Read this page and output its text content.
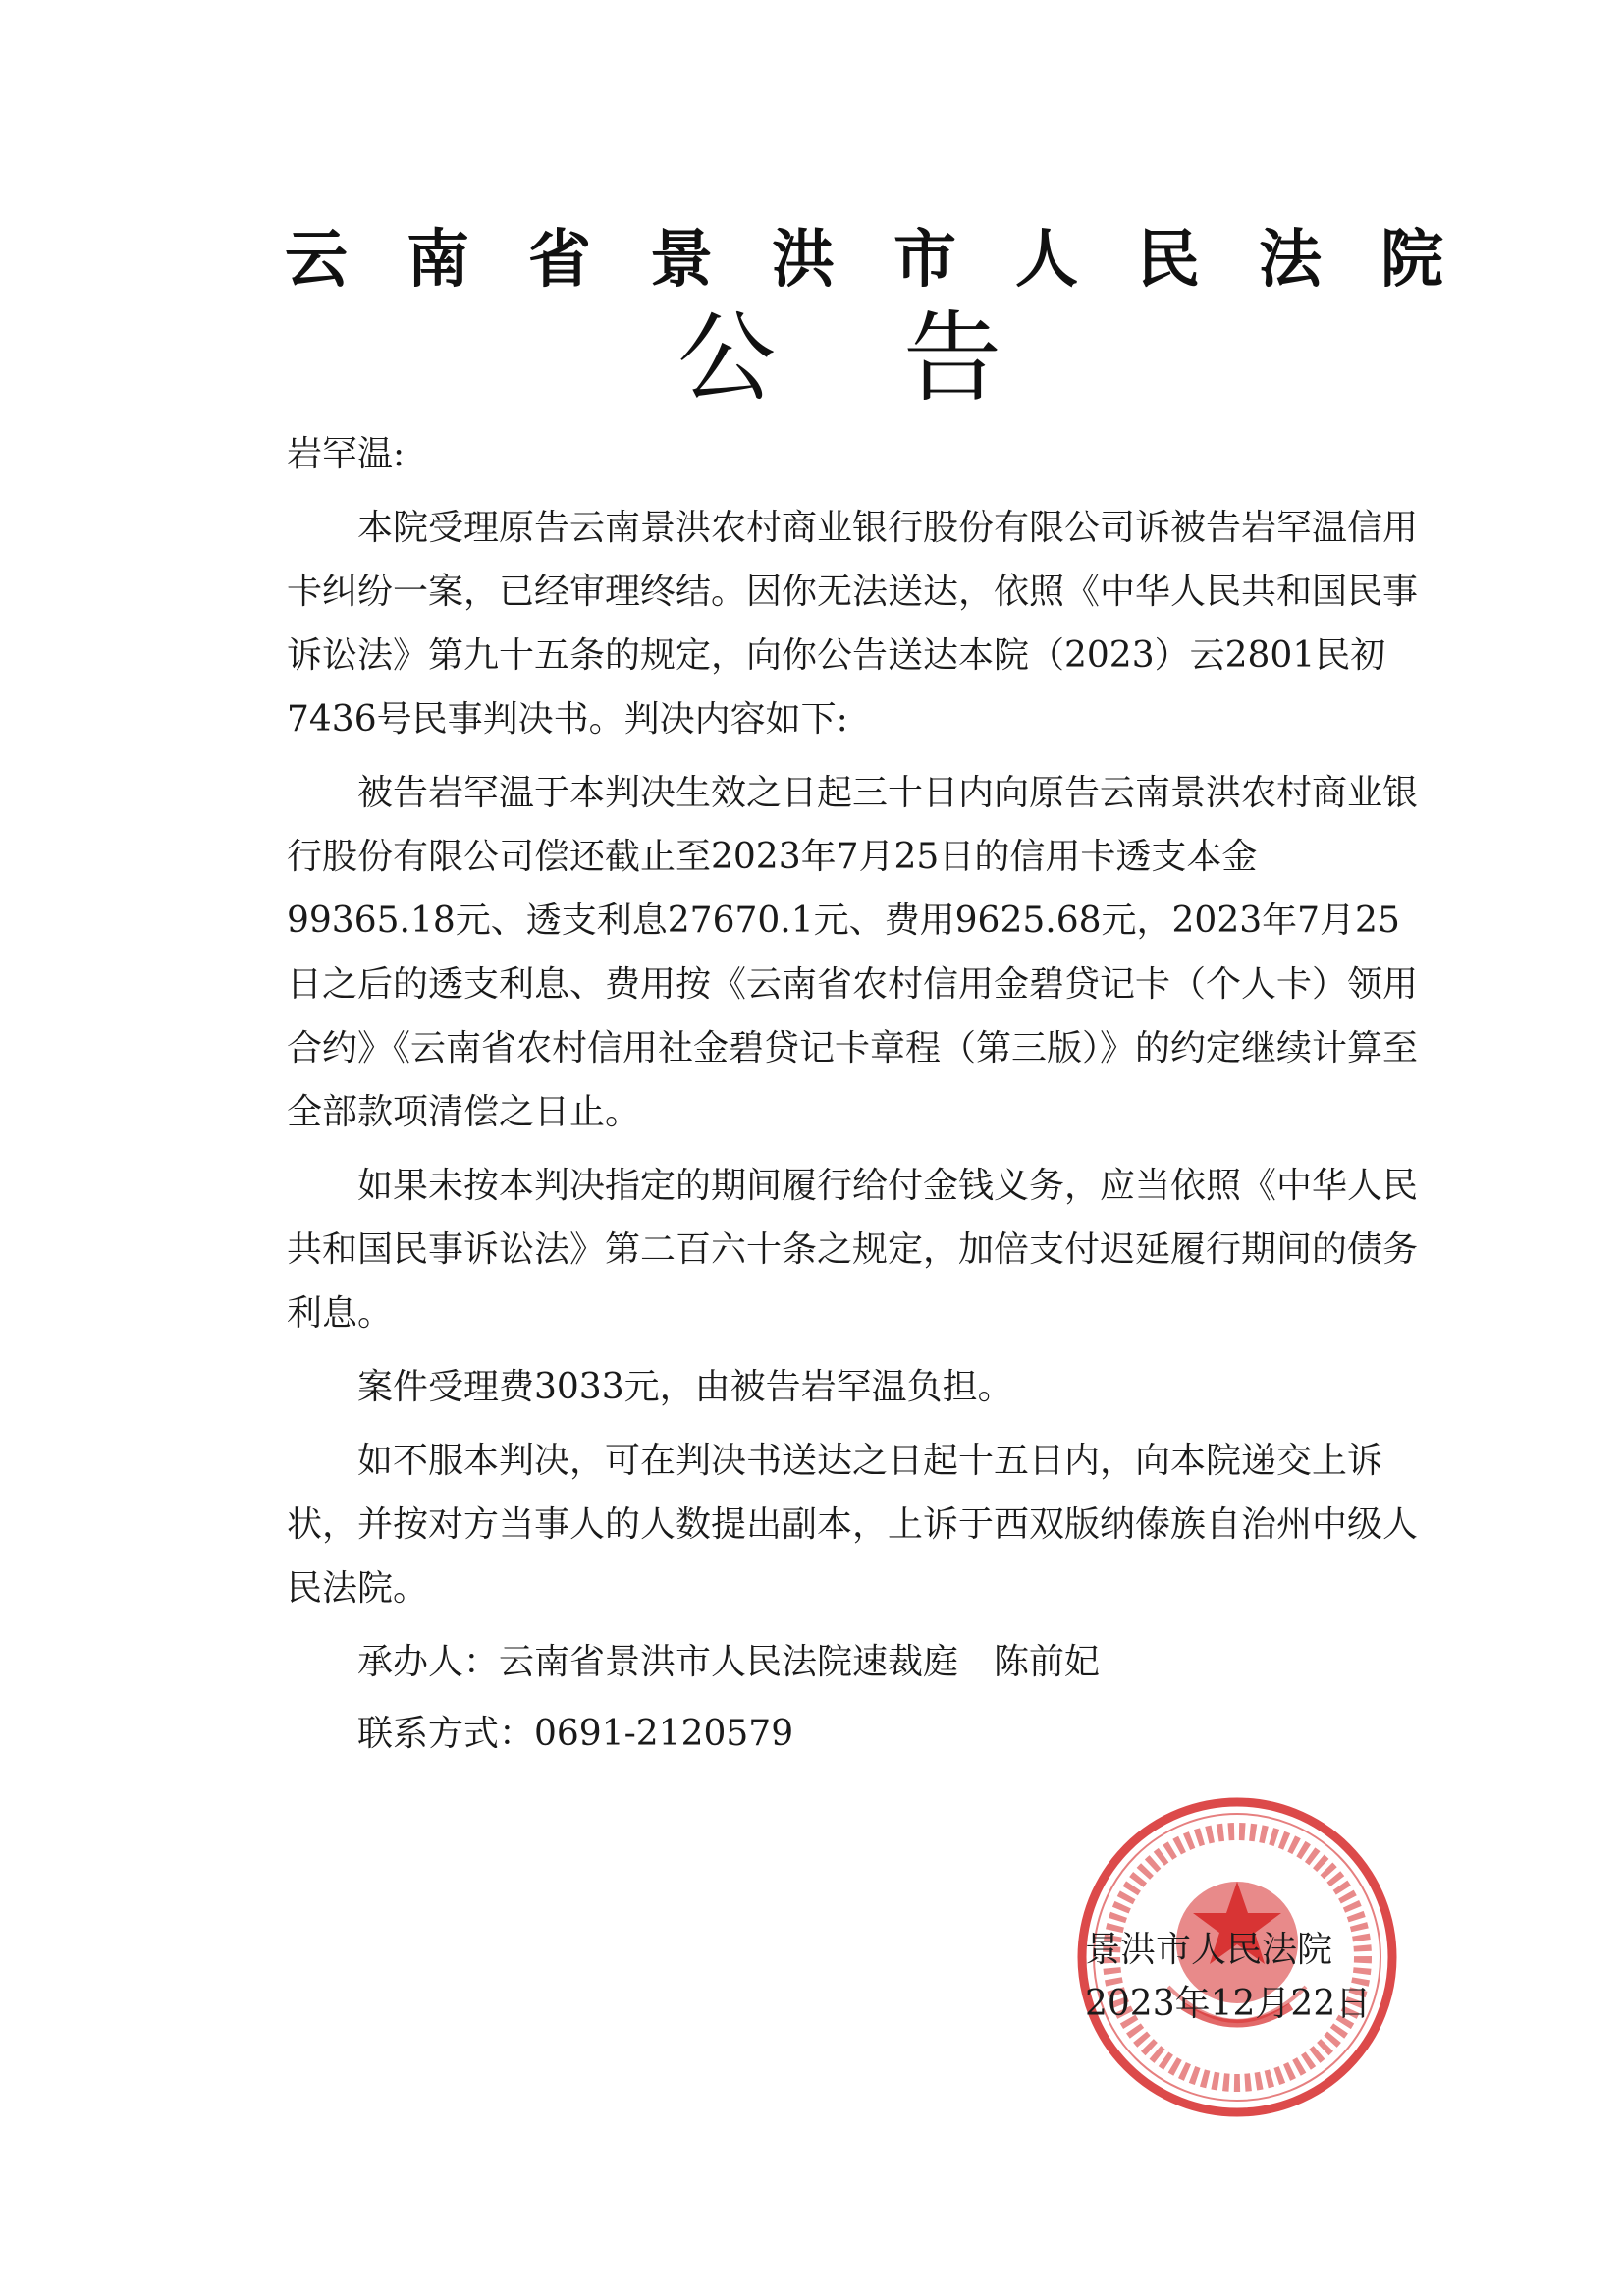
云南省景洪市人民法院
公告

岩罕温:

本院受理原告云南景洪农村商业银行股份有限公司诉被告岩罕温信用卡纠纷一案，已经审理终结。因你无法送达，依照《中华人民共和国民事诉讼法》第九十五条的规定，向你公告送达本院（2023）云2801民初7436号民事判决书。判决内容如下:

被告岩罕温于本判决生效之日起三十日内向原告云南景洪农村商业银行股份有限公司偿还截止至2023年7月25日的信用卡透支本金99365.18元、透支利息27670.1元、费用9625.68元，2023年7月25日之后的透支利息、费用按《云南省农村信用金碧贷记卡（个人卡）领用合约》《云南省农村信用社金碧贷记卡章程（第三版）》的约定继续计算至全部款项清偿之日止。

如果未按本判决指定的期间履行给付金钱义务，应当依照《中华人民共和国民事诉讼法》第二百六十条之规定，加倍支付迟延履行期间的债务利息。

案件受理费3033元，由被告岩罕温负担。

如不服本判决，可在判决书送达之日起十五日内，向本院递交上诉状，并按对方当事人的人数提出副本，上诉于西双版纳傣族自治州中级人民法院。

承办人：云南省景洪市人民法院速裁庭　陈前妃

联系方式：0691-2120579

景洪市人民法院
2023年12月22日
